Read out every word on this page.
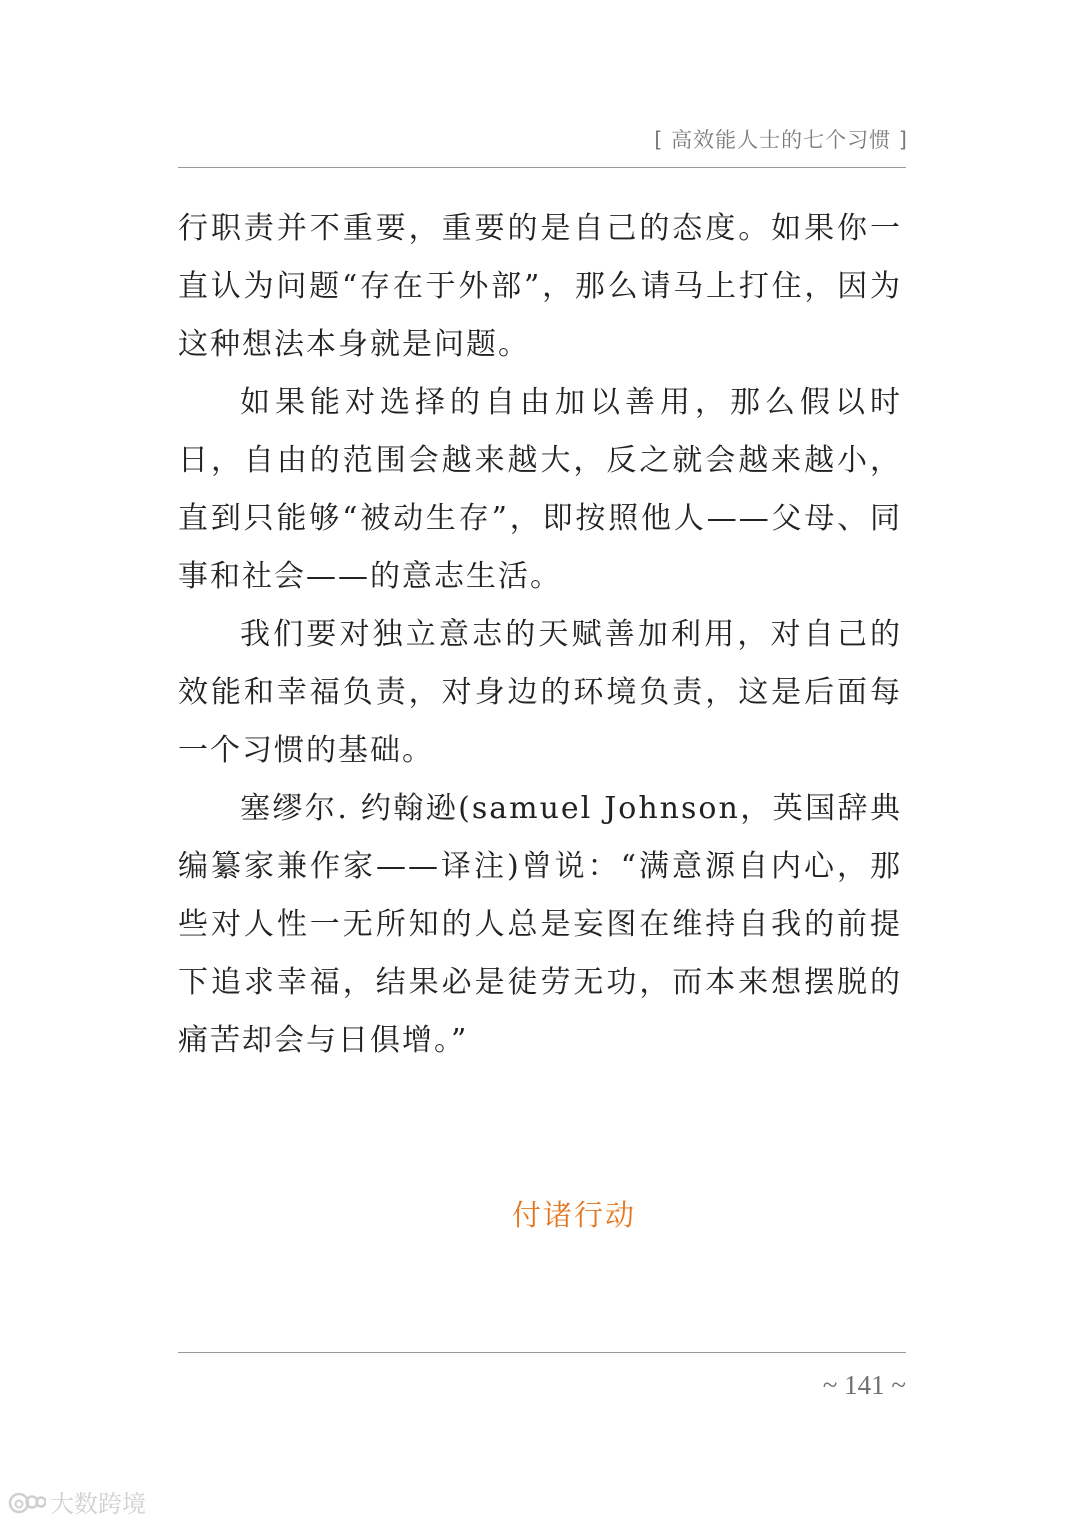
[ 高效能人士的七个习惯 ]

行职责并不重要，重要的是自己的态度。如果你一直认为问题“存在于外部”，那么请马上打住，因为这种想法本身就是问题。

如果能对选择的自由加以善用，那么假以时日，自由的范围会越来越大，反之就会越来越小，直到只能够“被动生存”，即按照他人——父母、同事和社会——的意志生活。

我们要对独立意志的天赋善加利用，对自己的效能和幸福负责，对身边的环境负责，这是后面每一个习惯的基础。

塞缪尔. 约翰逊(samuel Johnson，英国辞典编纂家兼作家——译注)曾说：“满意源自内心，那些对人性一无所知的人总是妄图在维持自我的前提下追求幸福，结果必是徒劳无功，而本来想摆脱的痛苦却会与日俱增。”

付诸行动
~ 141 ~
大数跨境
